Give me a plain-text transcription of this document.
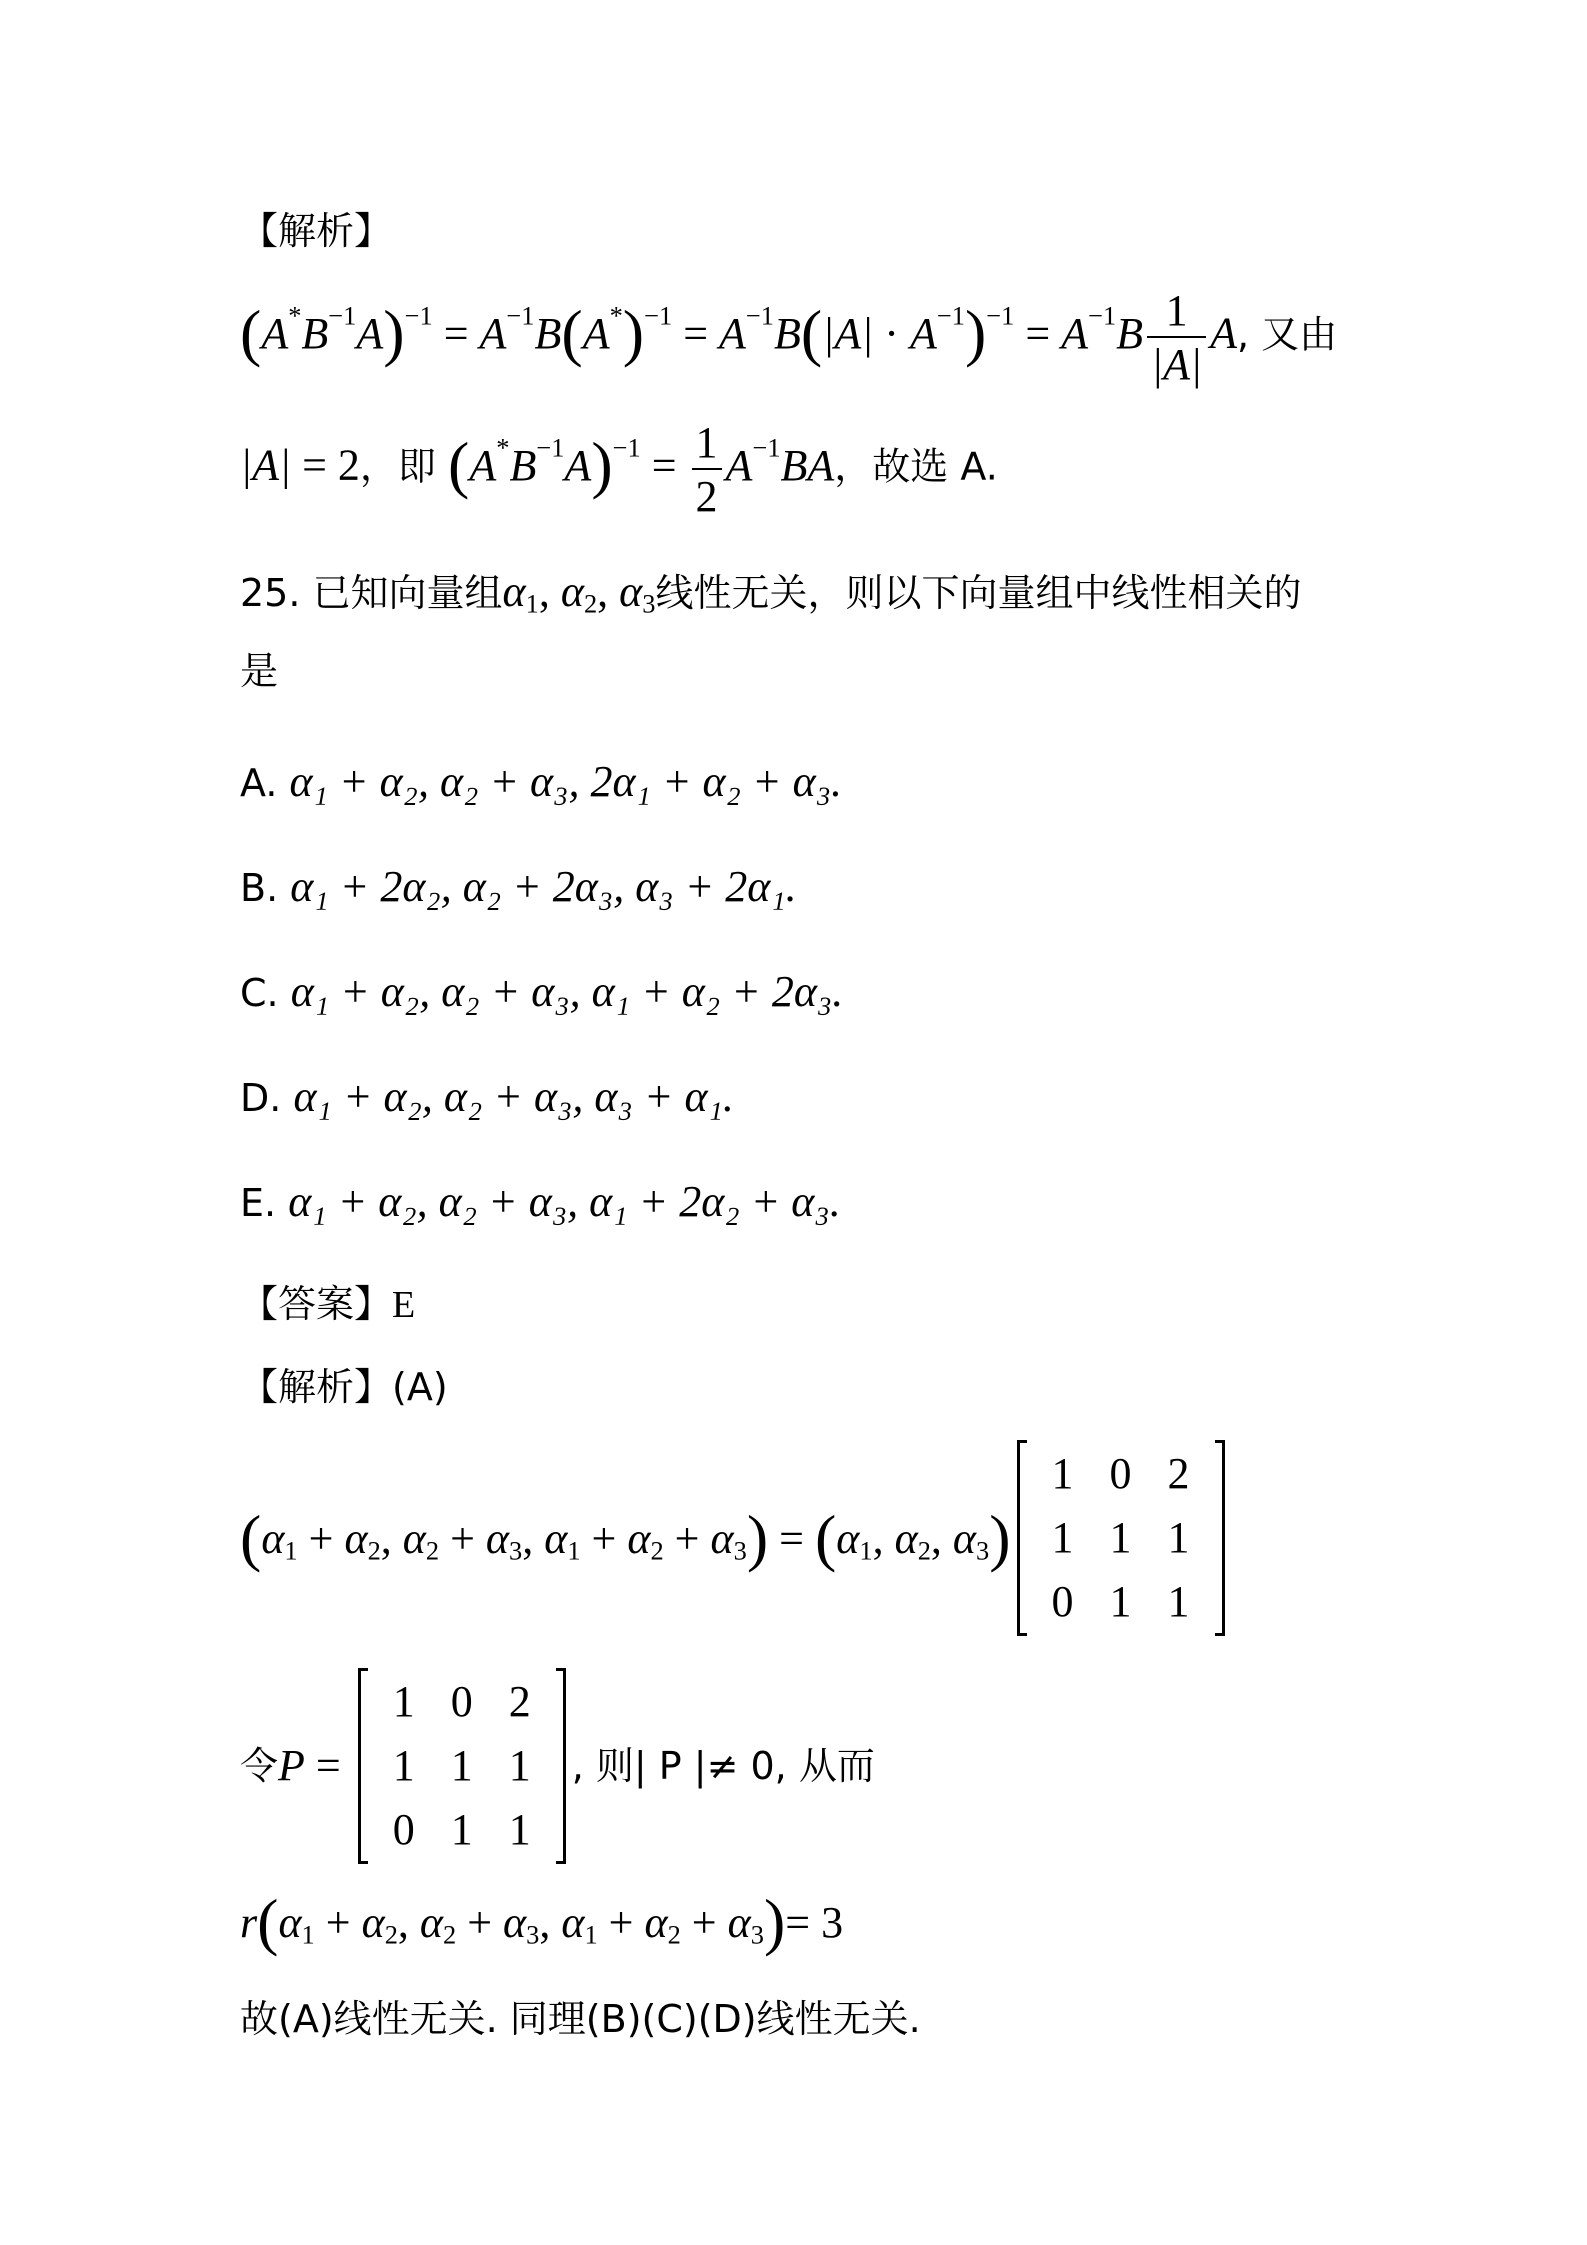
【解析】
$(A^*B^{-1}A)^{-1} = A^{-1}B(A^*)^{-1} = A^{-1}B(|A| \cdot A^{-1})^{-1} = A^{-1}B \frac{1}{|A|} A$, 又由
|A| = 2，即 $(A^*B^{-1}A)^{-1} = \frac{1}{2} A^{-1}BA$，故选 A.
25. 已知向量组$\alpha_1$, $\alpha_2$, $\alpha_3$线性无关，则以下向量组中线性相关的
是
A. α₁ + α₂, α₂ + α₃, 2α₁ + α₂ + α₃.
B. α₁ + 2α₂, α₂ + 2α₃, α₃ + 2α₁.
C. α₁ + α₂, α₂ + α₃, α₁ + α₂ + 2α₃.
D. α₁ + α₂, α₂ + α₃, α₃ + α₁.
E. α₁ + α₂, α₂ + α₃, α₁ + 2α₂ + α₃.
【答案】E
【解析】(A)
($\alpha_1 + \alpha_2$, $\alpha_2 + \alpha_3$, $\alpha_1 + \alpha_2 + \alpha_3) = (\alpha_1$, $\alpha_2$, $\alpha_3$)
1	0	2
1	1	1
0	1	1
令P =
1	0	2
1	1	1
0	1	1
, 则| P |≠ 0, 从而
$r(\alpha_1 + \alpha_2$, $\alpha_2 + \alpha_3$, $\alpha_1 + \alpha_2 + \alpha_3)= 3$
故(A)线性无关. 同理(B)(C)(D)线性无关.
